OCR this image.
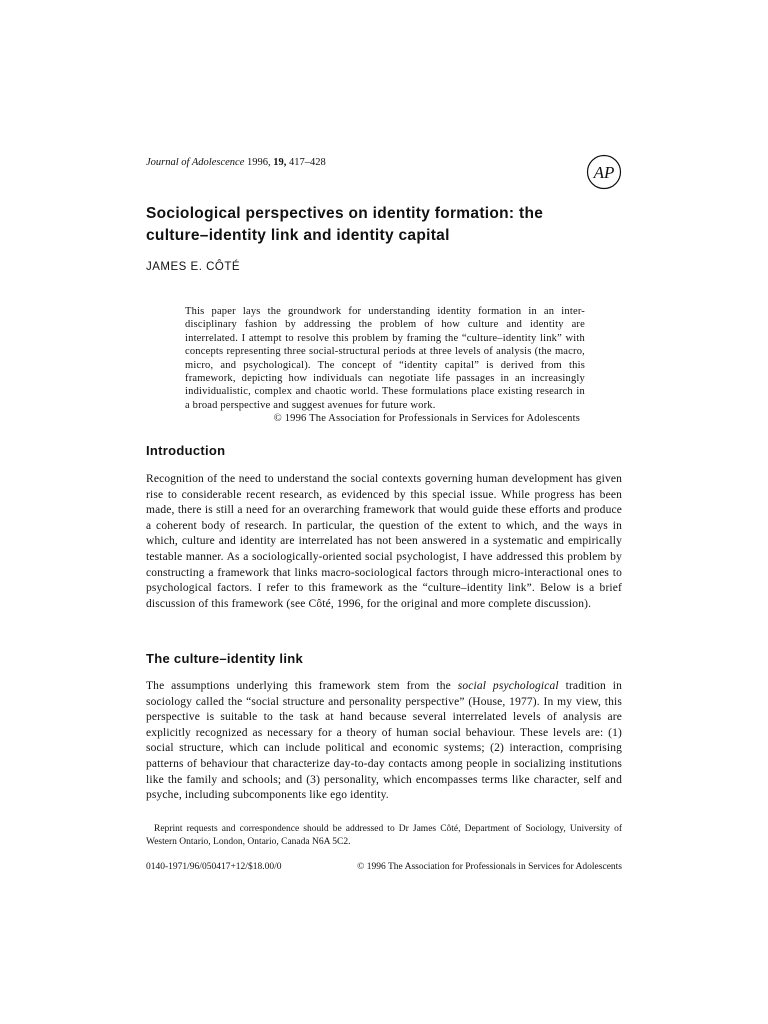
Journal of Adolescence 1996, 19, 417–428
AP
Sociological perspectives on identity formation: the
culture–identity link and identity capital
JAMES E. CÔTÉ
This paper lays the groundwork for understanding identity formation in an inter-disciplinary fashion by addressing the problem of how culture and identity are interrelated. I attempt to resolve this problem by framing the “culture–identity link” with concepts representing three social-structural periods at three levels of analysis (the macro, micro, and psychological). The concept of “identity capital” is derived from this framework, depicting how individuals can negotiate life passages in an increasingly individualistic, complex and chaotic world. These formulations place existing research in a broad perspective and suggest avenues for future work.
© 1996 The Association for Professionals in Services for Adolescents
Introduction
Recognition of the need to understand the social contexts governing human development has given rise to considerable recent research, as evidenced by this special issue. While progress has been made, there is still a need for an overarching framework that would guide these efforts and produce a coherent body of research. In particular, the question of the extent to which, and the ways in which, culture and identity are interrelated has not been answered in a systematic and empirically testable manner. As a sociologically-oriented social psychologist, I have addressed this problem by constructing a framework that links macro-sociological factors through micro-interactional ones to psychological factors. I refer to this framework as the “culture–identity link”. Below is a brief discussion of this framework (see Côté, 1996, for the original and more complete discussion).
The culture–identity link
The assumptions underlying this framework stem from the social psychological tradition in sociology called the “social structure and personality perspective” (House, 1977). In my view, this perspective is suitable to the task at hand because several interrelated levels of analysis are explicitly recognized as necessary for a theory of human social behaviour. These levels are: (1) social structure, which can include political and economic systems; (2) interaction, comprising patterns of behaviour that characterize day-to-day contacts among people in socializing institutions like the family and schools; and (3) personality, which encompasses terms like character, self and psyche, including subcomponents like ego identity.
Reprint requests and correspondence should be addressed to Dr James Côté, Department of Sociology, University of Western Ontario, London, Ontario, Canada N6A 5C2.
0140-1971/96/050417+12/$18.00/0	© 1996 The Association for Professionals in Services for Adolescents
